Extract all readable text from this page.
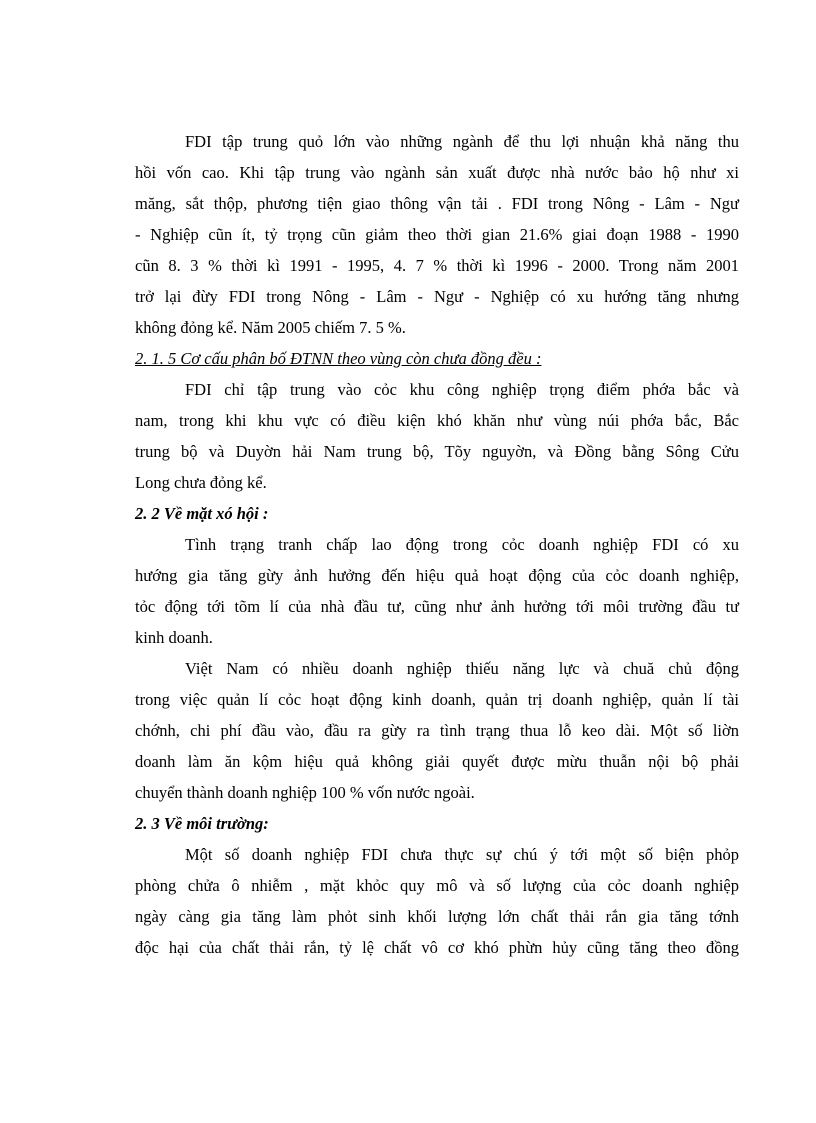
FDI tập trung quỏ lớn vào những ngành để thu lợi nhuận khả năng thu
hồi vốn cao. Khi tập trung vào ngành sản xuất được nhà nước bảo hộ như xi
măng, sắt thộp, phương tiện giao thông vận tải . FDI trong Nông - Lâm - Ngư
- Nghiệp cũn ít, tỷ trọng cũn giảm theo thời gian 21.6% giai đoạn 1988 - 1990
cũn 8. 3 % thời kì 1991 - 1995, 4. 7 % thời kì 1996 - 2000. Trong năm 2001
trở lại đừy FDI trong Nông - Lâm - Ngư - Nghiệp có xu hướng tăng nhưng
không đỏng kể. Năm 2005 chiếm 7. 5 %.
2. 1. 5 Cơ cấu phân bố ĐTNN theo vùng còn chưa đồng đều :
FDI chỉ tập trung vào cỏc khu công nghiệp trọng điểm phớa bắc và
nam, trong khi khu vực có điều kiện khó khăn như vùng núi phớa bắc, Bắc
trung bộ và Duyờn hải Nam trung bộ, Tõy nguyờn, và Đồng bằng Sông Cửu
Long chưa đỏng kể.
2. 2 Về mặt xó hội :
Tình trạng tranh chấp lao động trong cỏc doanh nghiệp FDI có xu
hướng gia tăng gừy ảnh hưởng đến hiệu quả hoạt động của cỏc doanh nghiệp,
tỏc động tới tõm lí của nhà đầu tư, cũng như ảnh hưởng tới môi trường đầu tư
kinh doanh.
Việt Nam có nhiều doanh nghiệp thiếu năng lực và chuă chủ động
trong việc quản lí cỏc hoạt động kinh doanh, quản trị doanh nghiệp, quản lí tài
chớnh, chi phí đầu vào, đầu ra gừy ra tình trạng thua lỗ keo dài. Một số liờn
doanh làm ăn kộm hiệu quả không giải quyết được mừu thuẫn nội bộ phải
chuyển thành doanh nghiệp 100 % vốn nước ngoài.
2. 3 Về môi trường:
Một số doanh nghiệp FDI chưa thực sự chú ý tới một số biện phỏp
phòng chửa ô nhiễm , mặt khỏc quy mô và số lượng của cỏc doanh nghiệp
ngày càng gia tăng làm phỏt sinh khối lượng lớn chất thải rắn gia tăng tớnh
độc hại của chất thải rắn, tỷ lệ chất vô cơ khó phừn hủy cũng tăng theo đồng
